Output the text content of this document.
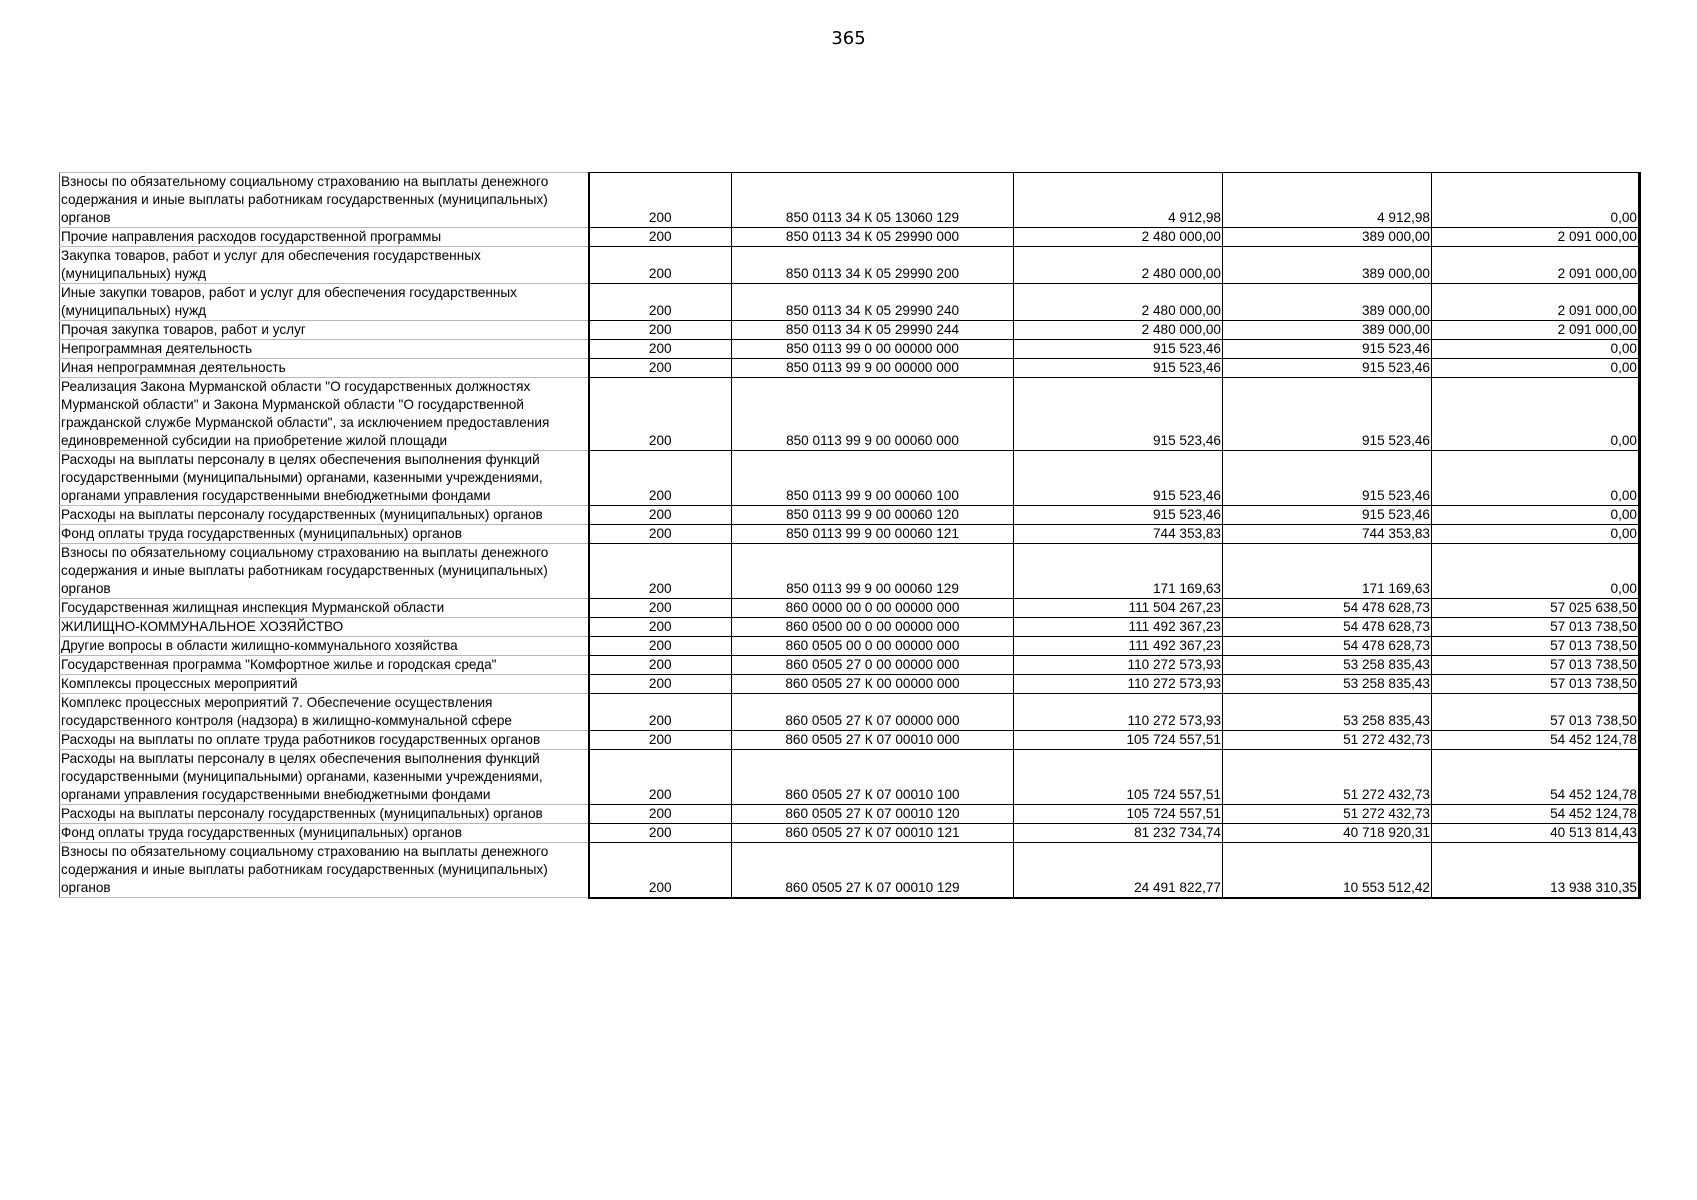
365
Взносы по обязательному социальному страхованию на выплаты денежного содержания и иные выплаты работникам государственных (муниципальных) органов	200	850 0113 34 К 05 13060 129	4 912,98	4 912,98	0,00

Прочие направления расходов государственной программы	200	850 0113 34 К 05 29990 000	2 480 000,00	389 000,00	2 091 000,00

Закупка товаров, работ и услуг для обеспечения государственных (муниципальных) нужд	200	850 0113 34 К 05 29990 200	2 480 000,00	389 000,00	2 091 000,00

Иные закупки товаров, работ и услуг для обеспечения государственных (муниципальных) нужд	200	850 0113 34 К 05 29990 240	2 480 000,00	389 000,00	2 091 000,00

Прочая закупка товаров, работ и услуг	200	850 0113 34 К 05 29990 244	2 480 000,00	389 000,00	2 091 000,00

Непрограммная деятельность	200	850 0113 99 0 00 00000 000	915 523,46	915 523,46	0,00

Иная непрограммная деятельность	200	850 0113 99 9 00 00000 000	915 523,46	915 523,46	0,00

Реализация Закона Мурманской области "О государственных должностях Мурманской области" и Закона Мурманской области "О государственной гражданской службе Мурманской области", за исключением предоставления единовременной субсидии на приобретение жилой площади	200	850 0113 99 9 00 00060 000	915 523,46	915 523,46	0,00

Расходы на выплаты персоналу в целях обеспечения выполнения функций государственными (муниципальными) органами, казенными учреждениями, органами управления государственными внебюджетными фондами	200	850 0113 99 9 00 00060 100	915 523,46	915 523,46	0,00

Расходы на выплаты персоналу государственных (муниципальных) органов	200	850 0113 99 9 00 00060 120	915 523,46	915 523,46	0,00

Фонд оплаты труда государственных (муниципальных) органов	200	850 0113 99 9 00 00060 121	744 353,83	744 353,83	0,00

Взносы по обязательному социальному страхованию на выплаты денежного содержания и иные выплаты работникам государственных (муниципальных) органов	200	850 0113 99 9 00 00060 129	171 169,63	171 169,63	0,00

Государственная жилищная инспекция Мурманской области	200	860 0000 00 0 00 00000 000	111 504 267,23	54 478 628,73	57 025 638,50

ЖИЛИЩНО-КОММУНАЛЬНОЕ ХОЗЯЙСТВО	200	860 0500 00 0 00 00000 000	111 492 367,23	54 478 628,73	57 013 738,50

Другие вопросы в области жилищно-коммунального хозяйства	200	860 0505 00 0 00 00000 000	111 492 367,23	54 478 628,73	57 013 738,50

Государственная программа "Комфортное жилье и городская среда"	200	860 0505 27 0 00 00000 000	110 272 573,93	53 258 835,43	57 013 738,50

Комплексы процессных мероприятий	200	860 0505 27 К 00 00000 000	110 272 573,93	53 258 835,43	57 013 738,50

Комплекс процессных мероприятий 7. Обеспечение осуществления государственного контроля (надзора) в жилищно-коммунальной сфере	200	860 0505 27 К 07 00000 000	110 272 573,93	53 258 835,43	57 013 738,50

Расходы на выплаты по оплате труда работников государственных органов	200	860 0505 27 К 07 00010 000	105 724 557,51	51 272 432,73	54 452 124,78

Расходы на выплаты персоналу в целях обеспечения выполнения функций государственными (муниципальными) органами, казенными учреждениями, органами управления государственными внебюджетными фондами	200	860 0505 27 К 07 00010 100	105 724 557,51	51 272 432,73	54 452 124,78

Расходы на выплаты персоналу государственных (муниципальных) органов	200	860 0505 27 К 07 00010 120	105 724 557,51	51 272 432,73	54 452 124,78

Фонд оплаты труда государственных (муниципальных) органов	200	860 0505 27 К 07 00010 121	81 232 734,74	40 718 920,31	40 513 814,43

Взносы по обязательному социальному страхованию на выплаты денежного содержания и иные выплаты работникам государственных (муниципальных) органов	200	860 0505 27 К 07 00010 129	24 491 822,77	10 553 512,42	13 938 310,35
